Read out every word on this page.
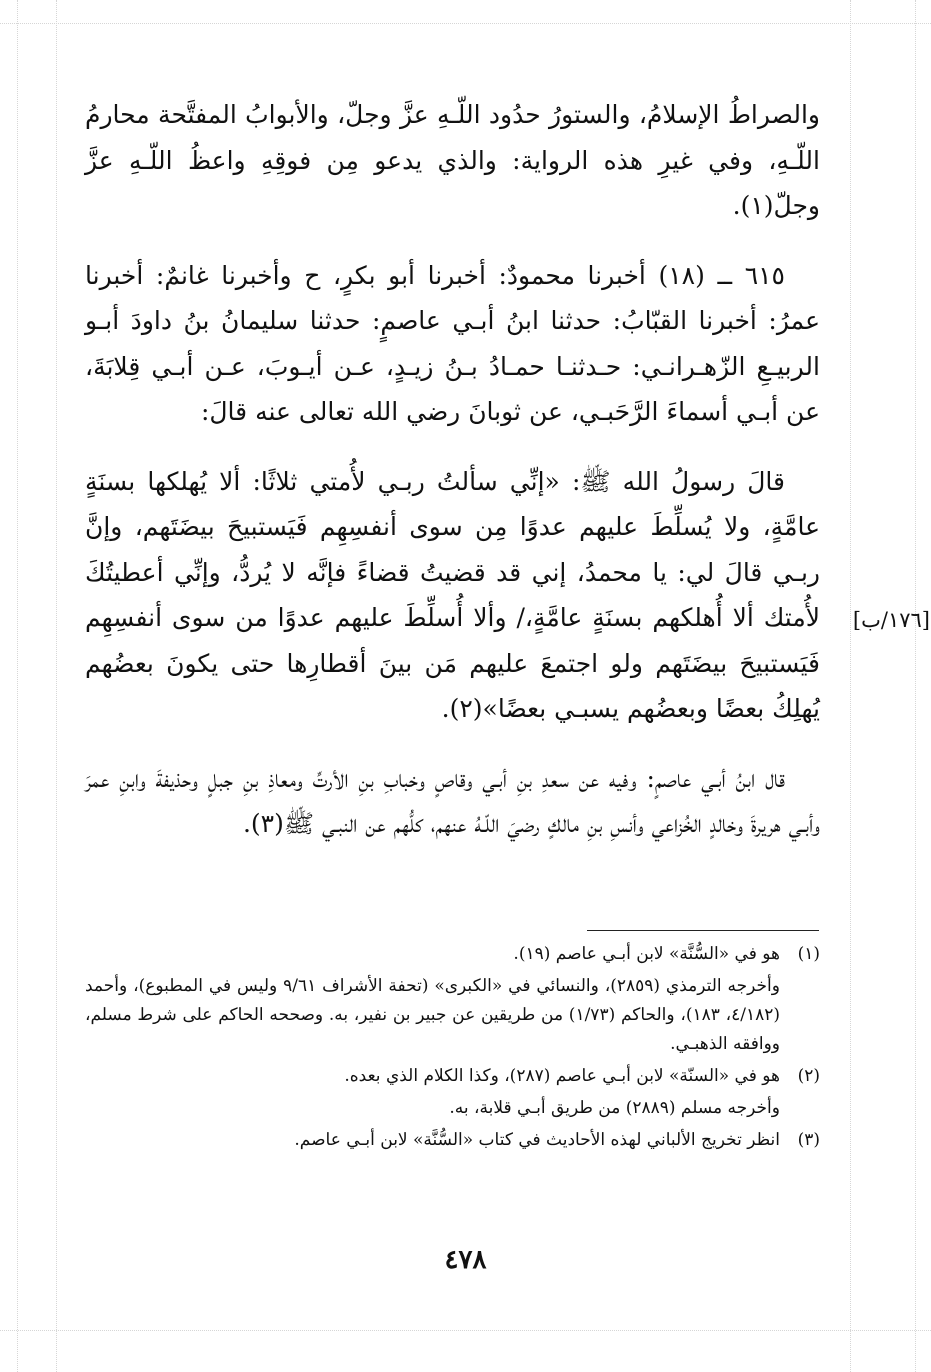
والصراطُ الإسلامُ، والستورُ حدُود اللّـهِ عزَّ وجلّ، والأبوابُ المفتَّحة محارمُ اللّـهِ، وفي غيرِ هذه الرواية: والذي يدعو مِن فوقِهِ واعظُ اللّـهِ عزَّ وجلّ(١).

٦١٥ ــ (١٨) أخبرنا محمودٌ: أخبرنا أبو بكرٍ، ح وأخبرنا غانمٌ: أخبرنا عمرُ: أخبرنا القبّابُ: حدثنا ابنُ أبـي عاصمٍ: حدثنا سليمانُ بنُ داودَ أبـو الربيـعِ الزّهـرانـي: حـدثنـا حمـادُ بـنُ زيـدٍ، عـن أيـوبَ، عـن أبـي قِلابَةَ، عن أبـي أسماءَ الرَّحَبـي، عن ثوبانَ رضي الله تعالى عنه قالَ:

قالَ رسولُ الله ﷺ: «إنِّي سألتُ ربـي لأُمتي ثلاثًا: ألا يُهلكها بسنَةٍ عامَّةٍ، ولا يُسلِّطَ عليهم عدوًا مِن سوى أنفسِهِم فَيَستبيحَ بيضَتَهم، وإنَّ ربـي قالَ لي: يا محمدُ، إني قد قضيتُ قضاءً فإنَّه لا يُردُّ، وإنِّي أعطيتُكَ لأُمتك ألا أُهلكهم بسنَةٍ عامَّةٍ،/ وألا أُسلِّطَ عليهم عدوًا من سوى أنفسِهِم فَيَستبيحَ بيضَتَهم ولو اجتمعَ عليهم مَن بينَ أقطارِها حتى يكونَ بعضُهم يُهلِكُ بعضًا وبعضُهم يسبـي بعضًا»(٢).

قال ابنُ أبـي عاصمٍ: وفيه عن سعدِ بنِ أبـي وقاصٍ وخبابِ بنِ الأرتِّ ومعاذِ بنِ جبلٍ وحذيفةَ وابنِ عمرَ وأبـي هريرةَ وخالدٍ الخُزاعي وأنسِ بنِ مالكٍ رضيَ اللّـهُ عنهم، كلُّهم عن النبـي ﷺ(٣).

[١٧٦/ب]
(١)
هو في «السُّنَّة» لابن أبـي عاصم (١٩).
وأخرجه الترمذي (٢٨٥٩)، والنسائي في «الكبرى» (تحفة الأشراف ٩/٦١ وليس في المطبوع)، وأحمد (٤/١٨٢، ١٨٣)، والحاكم (١/٧٣) من طريقين عن جبير بن نفير، به. وصححه الحاكم على شرط مسلم، ووافقه الذهبـي.
(٢)
هو في «السنّة» لابن أبـي عاصم (٢٨٧)، وكذا الكلام الذي بعده.
وأخرجه مسلم (٢٨٨٩) من طريق أبـي قلابة، به.
(٣)
انظر تخريج الألباني لهذه الأحاديث في كتاب «السُّنَّة» لابن أبـي عاصم.
٤٧٨
